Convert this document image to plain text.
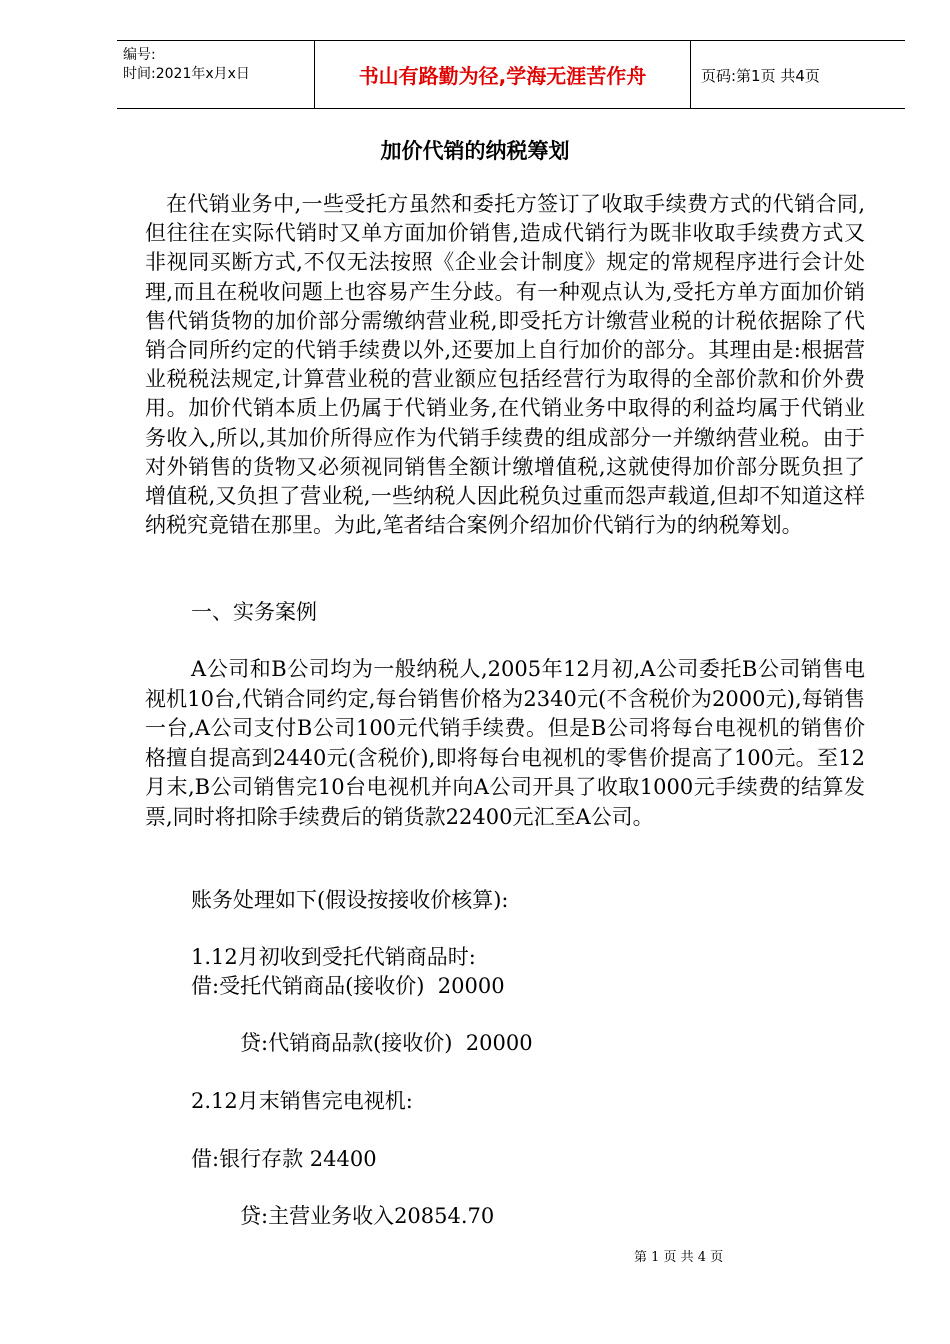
编号:
时间:2021年x月x日	书山有路勤为径,学海无涯苦作舟	页码:第1页 共4页
加价代销的纳税筹划

在代销业务中,一些受托方虽然和委托方签订了收取手续费方式的代销合同,但往往在实际代销时又单方面加价销售,造成代销行为既非收取手续费方式又非视同买断方式,不仅无法按照《企业会计制度》规定的常规程序进行会计处理,而且在税收问题上也容易产生分歧。有一种观点认为,受托方单方面加价销售代销货物的加价部分需缴纳营业税,即受托方计缴营业税的计税依据除了代销合同所约定的代销手续费以外,还要加上自行加价的部分。其理由是:根据营业税税法规定,计算营业税的营业额应包括经营行为取得的全部价款和价外费用。加价代销本质上仍属于代销业务,在代销业务中取得的利益均属于代销业务收入,所以,其加价所得应作为代销手续费的组成部分一并缴纳营业税。由于对外销售的货物又必须视同销售全额计缴增值税,这就使得加价部分既负担了增值税,又负担了营业税,一些纳税人因此税负过重而怨声载道,但却不知道这样纳税究竟错在那里。为此,笔者结合案例介绍加价代销行为的纳税筹划。

一、实务案例

A公司和B公司均为一般纳税人,2005年12月初,A公司委托B公司销售电视机10台,代销合同约定,每台销售价格为2340元(不含税价为2000元),每销售一台,A公司支付B公司100元代销手续费。但是B公司将每台电视机的销售价格擅自提高到2440元(含税价),即将每台电视机的零售价提高了100元。至12月末,B公司销售完10台电视机并向A公司开具了收取1000元手续费的结算发票,同时将扣除手续费后的销货款22400元汇至A公司。

账务处理如下(假设按接收价核算):
1.12月初收到受托代销商品时:
借:受托代销商品(接收价)  20000
贷:代销商品款(接收价)  20000
2.12月末销售完电视机:
借:银行存款 24400
贷:主营业务收入20854.70
第 1 页 共 4 页
